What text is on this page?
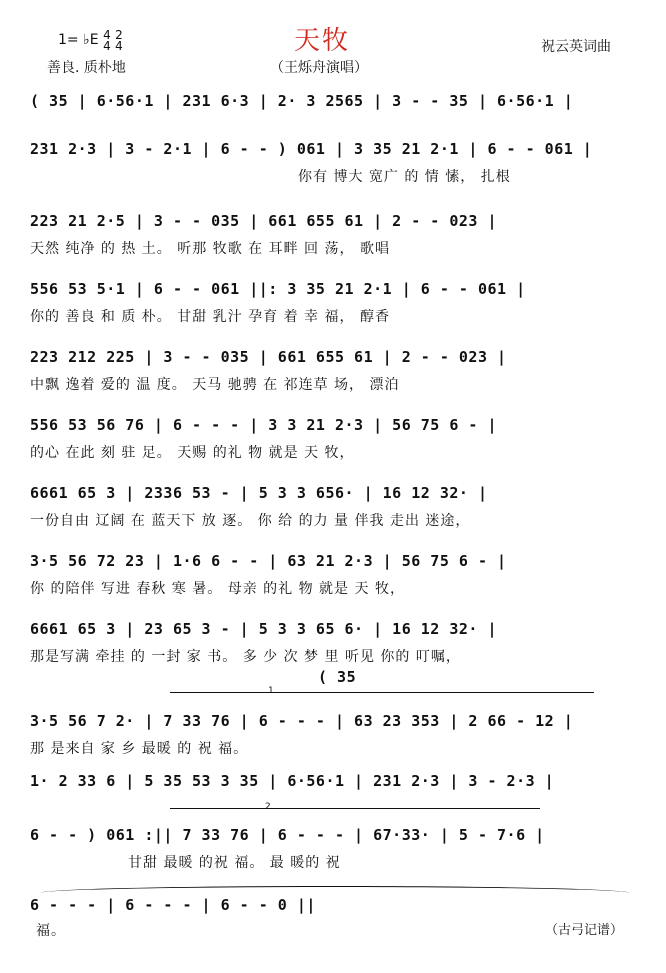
1= ♭E 4 2
4 4	天牧	祝云英词曲
善良. 质朴地	（王烁舟演唱）
( 35 | 6·56·1 | 231 6·3 | 2· 3 2565 | 3 - - 35 | 6·56·1 |
231 2·3 | 3 - 2·1 | 6 - - ) 061 | 3 35 21 2·1 | 6 - - 061 |
你有 博大 宽广 的 情 愫， 扎根
223 21 2·5 | 3 - - 035 | 661 655 61 | 2 - - 023 |
天然 纯净 的 热 土。 听那 牧歌 在 耳畔 回 荡， 歌唱
556 53 5·1 | 6 - - 061 ||: 3 35 21 2·1 | 6 - - 061 |
你的 善良 和 质 朴。 甘甜 乳汁 孕育 着 幸 福， 醇香
223 212 225 | 3 - - 035 | 661 655 61 | 2 - - 023 |
中飘 逸着 爱的 温 度。 天马 驰骋 在 祁连草 场， 漂泊
556 53 56 76 | 6 - - - | 3 3 21 2·3 | 56 75 6 - |
的心 在此 刻 驻 足。 天赐 的礼 物 就是 天 牧，
6661 65 3 | 2336 53 - | 5 3 3 656· | 16 12 32· |
一份自由 辽阔 在 蓝天下 放 逐。 你 给 的力 量 伴我 走出 迷途，
3·5 56 72 23 | 1·6 6 - - | 63 21 2·3 | 56 75 6 - |
你 的陪伴 写进 春秋 寒 暑。 母亲 的礼 物 就是 天 牧，
6661 65 3 | 23 65 3 - | 5 3 3 65 6· | 16 12 32· |
那是写满 牵挂 的 一封 家 书。 多 少 次 梦 里 听见 你的 叮嘱，
( 35
1
3·5 56 7 2· | 7 33 76 | 6 - - - | 63 23 353 | 2 66 - 12 |
那 是来自 家 乡 最暖 的 祝 福。
1· 2 33 6 | 5 35 53 3 35 | 6·56·1 | 231 2·3 | 3 - 2·3 |
2
6 - - ) 061 :|| 7 33 76 | 6 - - - | 67·33· | 5 - 7·6 |
甘甜 最暖 的祝 福。 最 暖的 祝
6 - - - | 6 - - - | 6 - - 0 ||
福。	（古弓记谱）
